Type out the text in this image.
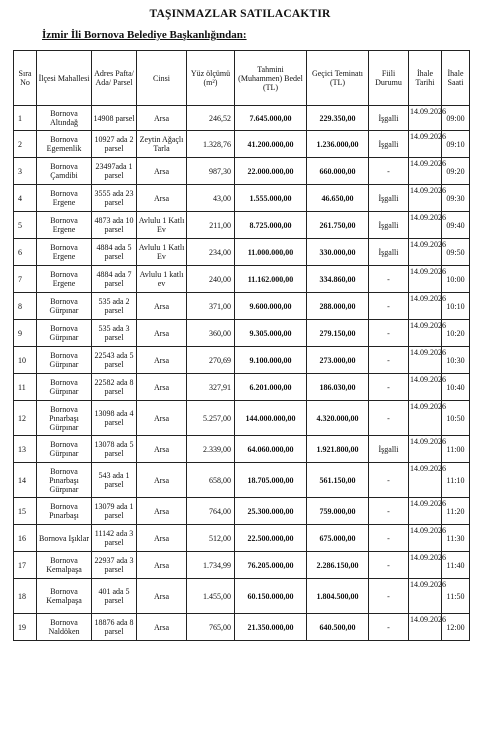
TAŞINMAZLAR SATILACAKTIR
İzmir İli Bornova Belediye Başkanlığından:
Sıra No	İlçesi Mahallesi	Adres Pafta/ Ada/ Parsel	Cinsi	Yüz ölçümü (m²)	Tahmini (Muhammen) Bedel (TL)	Geçici Teminatı (TL)	Fiili Durumu	İhale Tarihi	İhale Saati
1	Bornova Altındağ	14908 parsel	Arsa	246,52	7.645.000,00	229.350,00	İşgalli	14.09.2026	09:00
2	Bornova Egemenlik	10927 ada 2 parsel	Zeytin Ağaçlı Tarla	1.328,76	41.200.000,00	1.236.000,00	İşgalli	14.09.2026	09:10
3	Bornova Çamdibi	23497ada 1 parsel	Arsa	987,30	22.000.000,00	660.000,00	-	14.09.2026	09:20
4	Bornova Ergene	3555 ada 23 parsel	Arsa	43,00	1.555.000,00	46.650,00	İşgalli	14.09.2026	09:30
5	Bornova Ergene	4873 ada 10 parsel	Avlulu 1 Katlı Ev	211,00	8.725.000,00	261.750,00	İşgalli	14.09.2026	09:40
6	Bornova Ergene	4884 ada 5 parsel	Avlulu 1 Katlı Ev	234,00	11.000.000,00	330.000,00	İşgalli	14.09.2026	09:50
7	Bornova Ergene	4884 ada 7 parsel	Avlulu 1 katlı ev	240,00	11.162.000,00	334.860,00	-	14.09.2026	10:00
8	Bornova Gürpınar	535 ada 2 parsel	Arsa	371,00	9.600.000,00	288.000,00	-	14.09.2026	10:10
9	Bornova Gürpınar	535 ada 3 parsel	Arsa	360,00	9.305.000,00	279.150,00	-	14.09.2026	10:20
10	Bornova Gürpınar	22543 ada 5 parsel	Arsa	270,69	9.100.000,00	273.000,00	-	14.09.2026	10:30
11	Bornova Gürpınar	22582 ada 8 parsel	Arsa	327,91	6.201.000,00	186.030,00	-	14.09.2026	10:40
12	Bornova Pınarbaşı Gürpınar	13098 ada 4 parsel	Arsa	5.257,00	144.000.000,00	4.320.000,00	-	14.09.2026	10:50
13	Bornova Gürpınar	13078 ada 5 parsel	Arsa	2.339,00	64.060.000,00	1.921.800,00	İşgalli	14.09.2026	11:00
14	Bornova Pınarbaşı Gürpınar	543 ada 1 parsel	Arsa	658,00	18.705.000,00	561.150,00	-	14.09.2026	11:10
15	Bornova Pınarbaşı	13079 ada 1 parsel	Arsa	764,00	25.300.000,00	759.000,00	-	14.09.2026	11:20
16	Bornova Işıklar	11142 ada 3 parsel	Arsa	512,00	22.500.000,00	675.000,00	-	14.09.2026	11:30
17	Bornova Kemalpaşa	22937 ada 3 parsel	Arsa	1.734,99	76.205.000,00	2.286.150,00	-	14.09.2026	11:40
18	Bornova Kemalpaşa	401 ada 5 parsel	Arsa	1.455,00	60.150.000,00	1.804.500,00	-	14.09.2026	11:50
19	Bornova Naldöken	18876 ada 8 parsel	Arsa	765,00	21.350.000,00	640.500,00	-	14.09.2026	12:00
